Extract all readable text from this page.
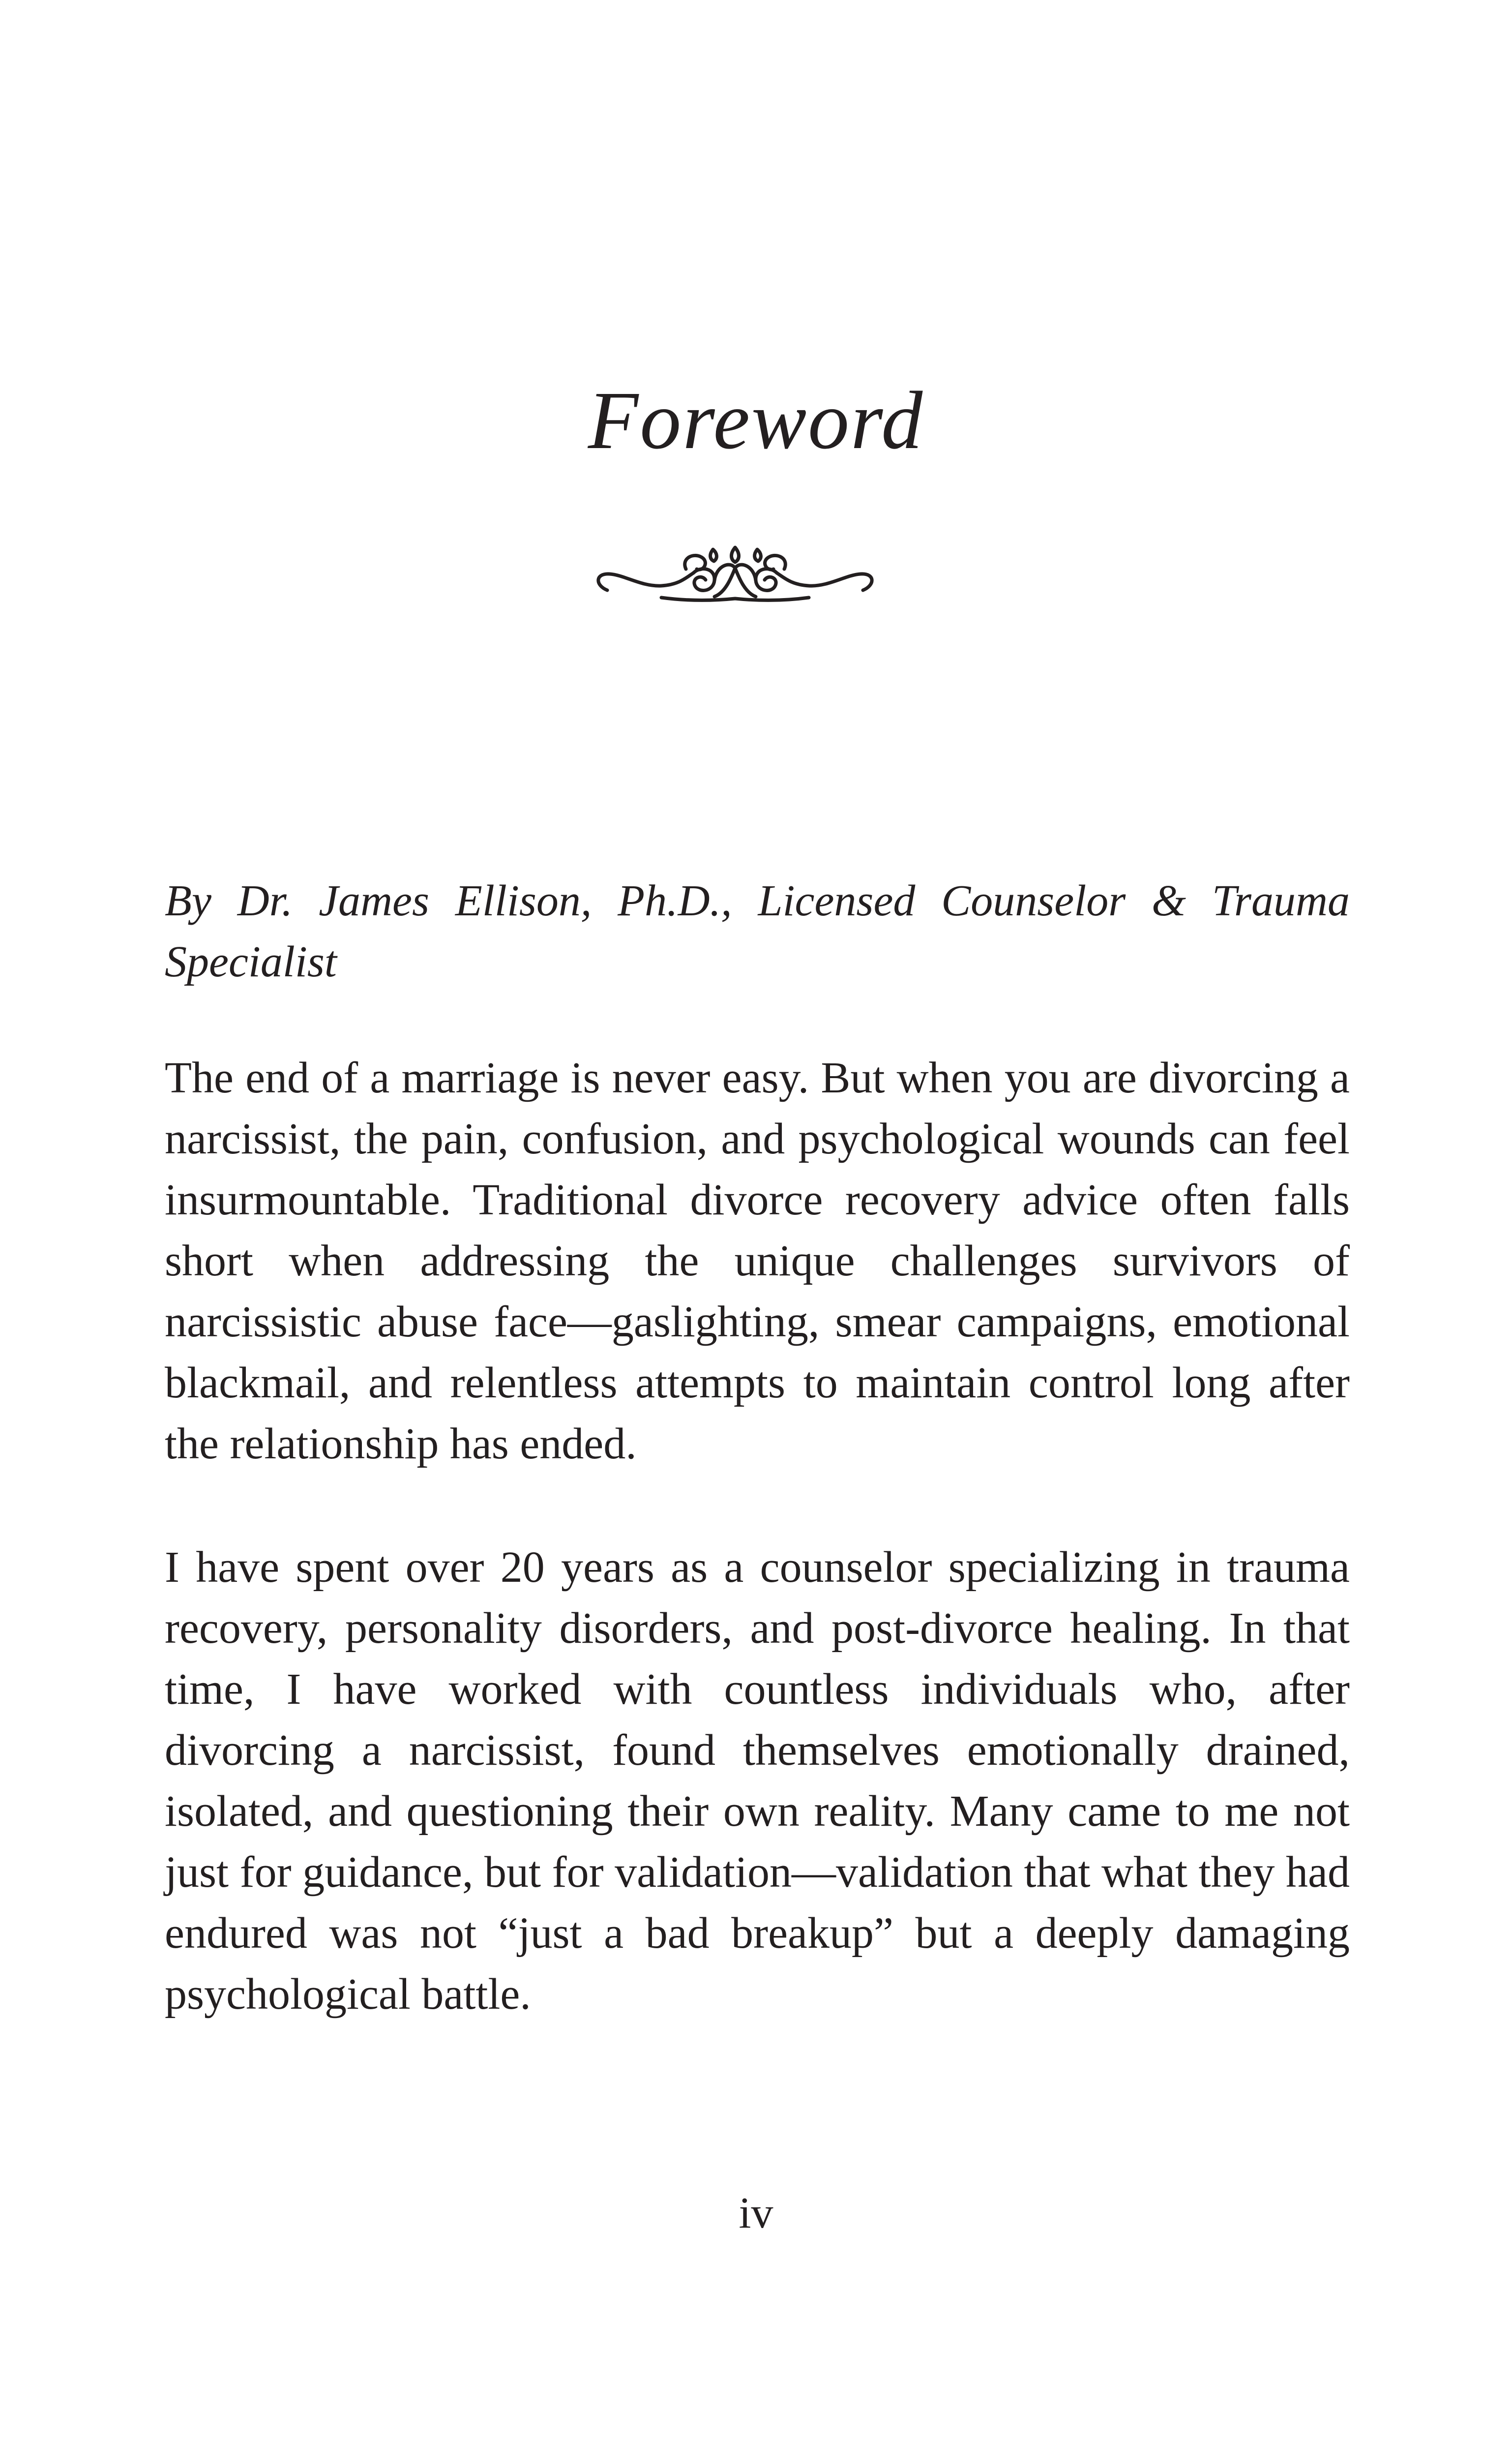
Foreword
By Dr. James Ellison, Ph.D., Licensed Counselor & Trauma Specialist
The end of a marriage is never easy. But when you are divorcing a narcissist, the pain, confusion, and psychological wounds can feel insurmountable. Traditional divorce recovery advice often falls short when addressing the unique challenges survivors of narcissistic abuse face—gaslighting, smear campaigns, emotional blackmail, and relentless attempts to maintain control long after the relationship has ended.
I have spent over 20 years as a counselor specializing in trauma recovery, personality disorders, and post-divorce healing. In that time, I have worked with countless individuals who, after divorcing a narcissist, found themselves emotionally drained, isolated, and questioning their own reality. Many came to me not just for guidance, but for validation—validation that what they had endured was not “just a bad breakup” but a deeply damaging psychological battle.
iv
